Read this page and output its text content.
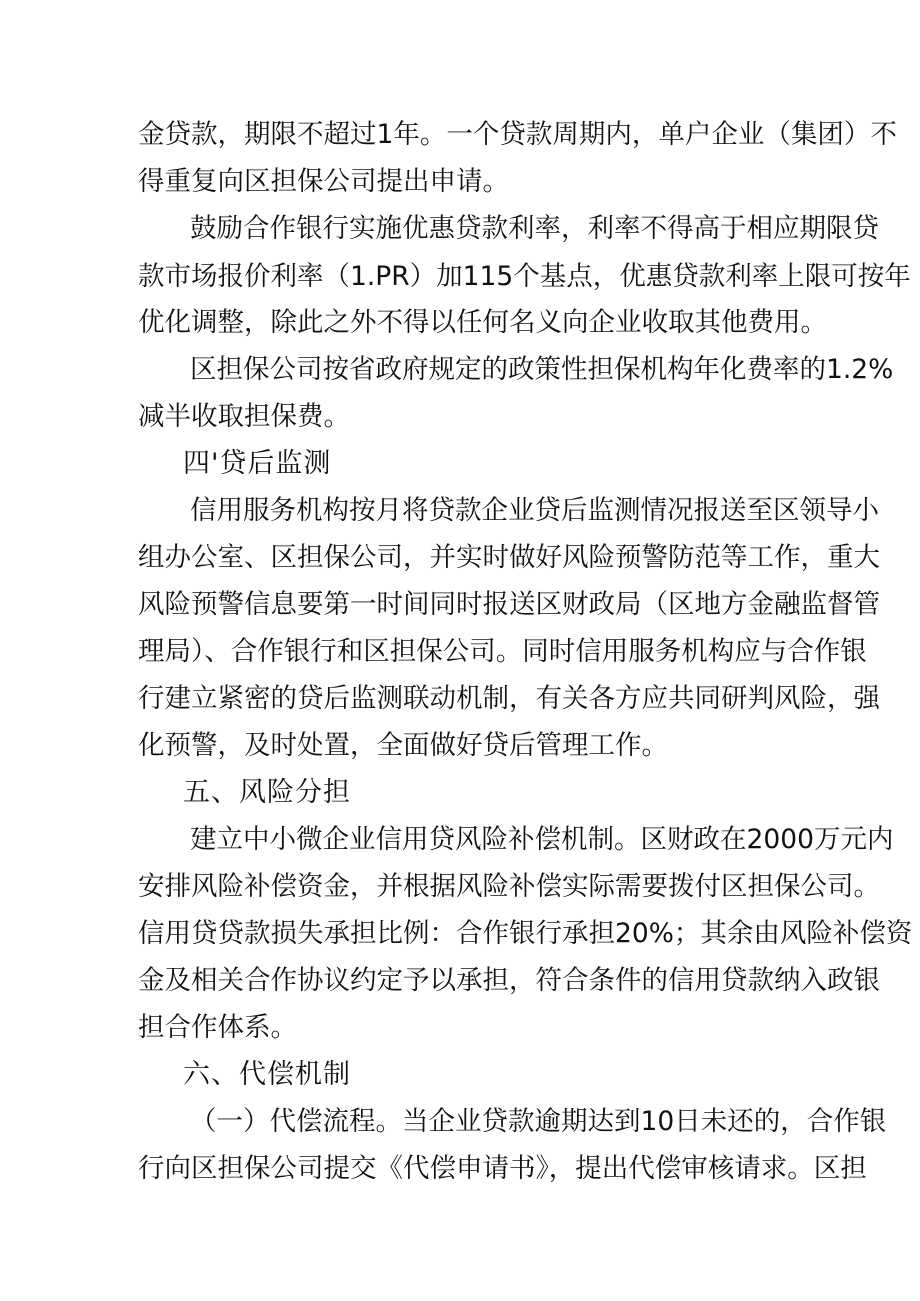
金贷款，期限不超过1年。一个贷款周期内，单户企业（集团）不
得重复向区担保公司提出申请。
鼓励合作银行实施优惠贷款利率，利率不得高于相应期限贷
款市场报价利率（1.PR）加115个基点，优惠贷款利率上限可按年
优化调整，除此之外不得以任何名义向企业收取其他费用。
区担保公司按省政府规定的政策性担保机构年化费率的1.2%
减半收取担保费。
信用服务机构按月将贷款企业贷后监测情况报送至区领导小
组办公室、区担保公司，并实时做好风险预警防范等工作，重大
风险预警信息要第一时间同时报送区财政局（区地方金融监督管
理局）、合作银行和区担保公司。同时信用服务机构应与合作银
行建立紧密的贷后监测联动机制，有关各方应共同研判风险，强
化预警，及时处置，全面做好贷后管理工作。
建立中小微企业信用贷风险补偿机制。区财政在2000万元内
安排风险补偿资金，并根据风险补偿实际需要拨付区担保公司。
信用贷贷款损失承担比例：合作银行承担20%；其余由风险补偿资
金及相关合作协议约定予以承担，符合条件的信用贷款纳入政银
担合作体系。
（一）代偿流程。当企业贷款逾期达到10日未还的，合作银
行向区担保公司提交《代偿申请书》，提出代偿审核请求。区担
四'贷后监测
五、风险分担
六、代偿机制
